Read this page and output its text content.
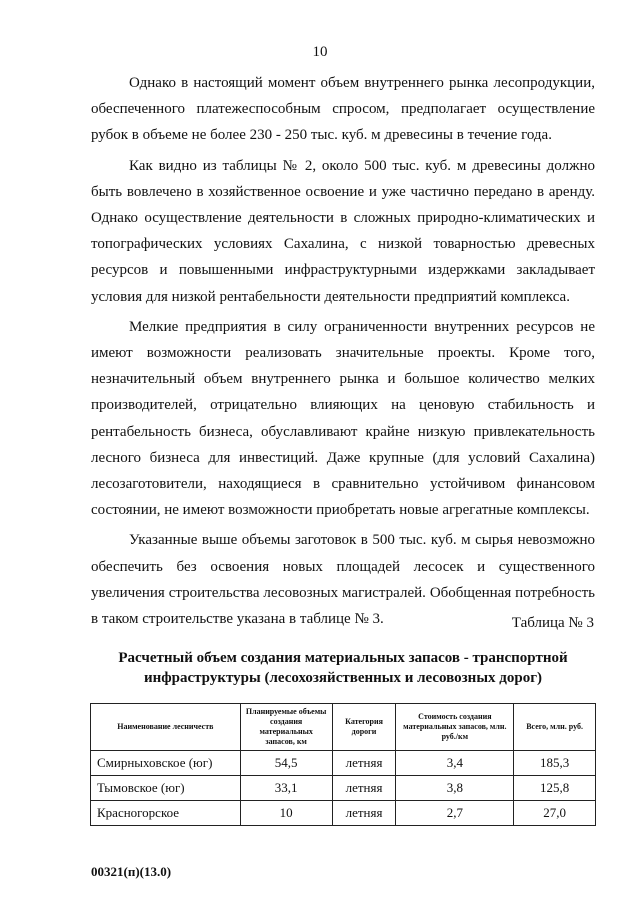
10

Однако в настоящий момент объем внутреннего рынка лесопродукции, обеспеченного платежеспособным спросом, предполагает осуществление рубок в объеме не более 230 - 250 тыс. куб. м древесины в течение года.

Как видно из таблицы № 2, около 500 тыс. куб. м древесины должно быть вовлечено в хозяйственное освоение и уже частично передано в аренду. Однако осуществление деятельности в сложных природно-климатических и топографических условиях Сахалина, с низкой товарностью древесных ресурсов и повышенными инфраструктурными издержками закладывает условия для низкой рентабельности деятельности предприятий комплекса.

Мелкие предприятия в силу ограниченности внутренних ресурсов не имеют возможности реализовать значительные проекты. Кроме того, незначительный объем внутреннего рынка и большое количество мелких производителей, отрицательно влияющих на ценовую стабильность и рентабельность бизнеса, обуславливают крайне низкую привлекательность лесного бизнеса для инвестиций. Даже крупные (для условий Сахалина) лесозаготовители, находящиеся в сравнительно устойчивом финансовом состоянии, не имеют возможности приобретать новые агрегатные комплексы.

Указанные выше объемы заготовок в 500 тыс. куб. м сырья невозможно обеспечить без освоения новых площадей лесосек и существенного увеличения строительства лесовозных магистралей. Обобщенная потребность в таком строительстве указана в таблице № 3.	Таблица № 3
Расчетный объем создания материальных запасов - транспортной инфраструктуры (лесохозяйственных и лесовозных дорог)
Наименование лесничеств	Планируемые объемы создания материальных запасов, км	Категория дороги	Стоимость создания материальных запасов, млн. руб./км	Всего, млн. руб.
Смирныховское (юг)	54,5	летняя	3,4	185,3
Тымовское (юг)	33,1	летняя	3,8	125,8
Красногорское	10	летняя	2,7	27,0
00321(п)(13.0)
